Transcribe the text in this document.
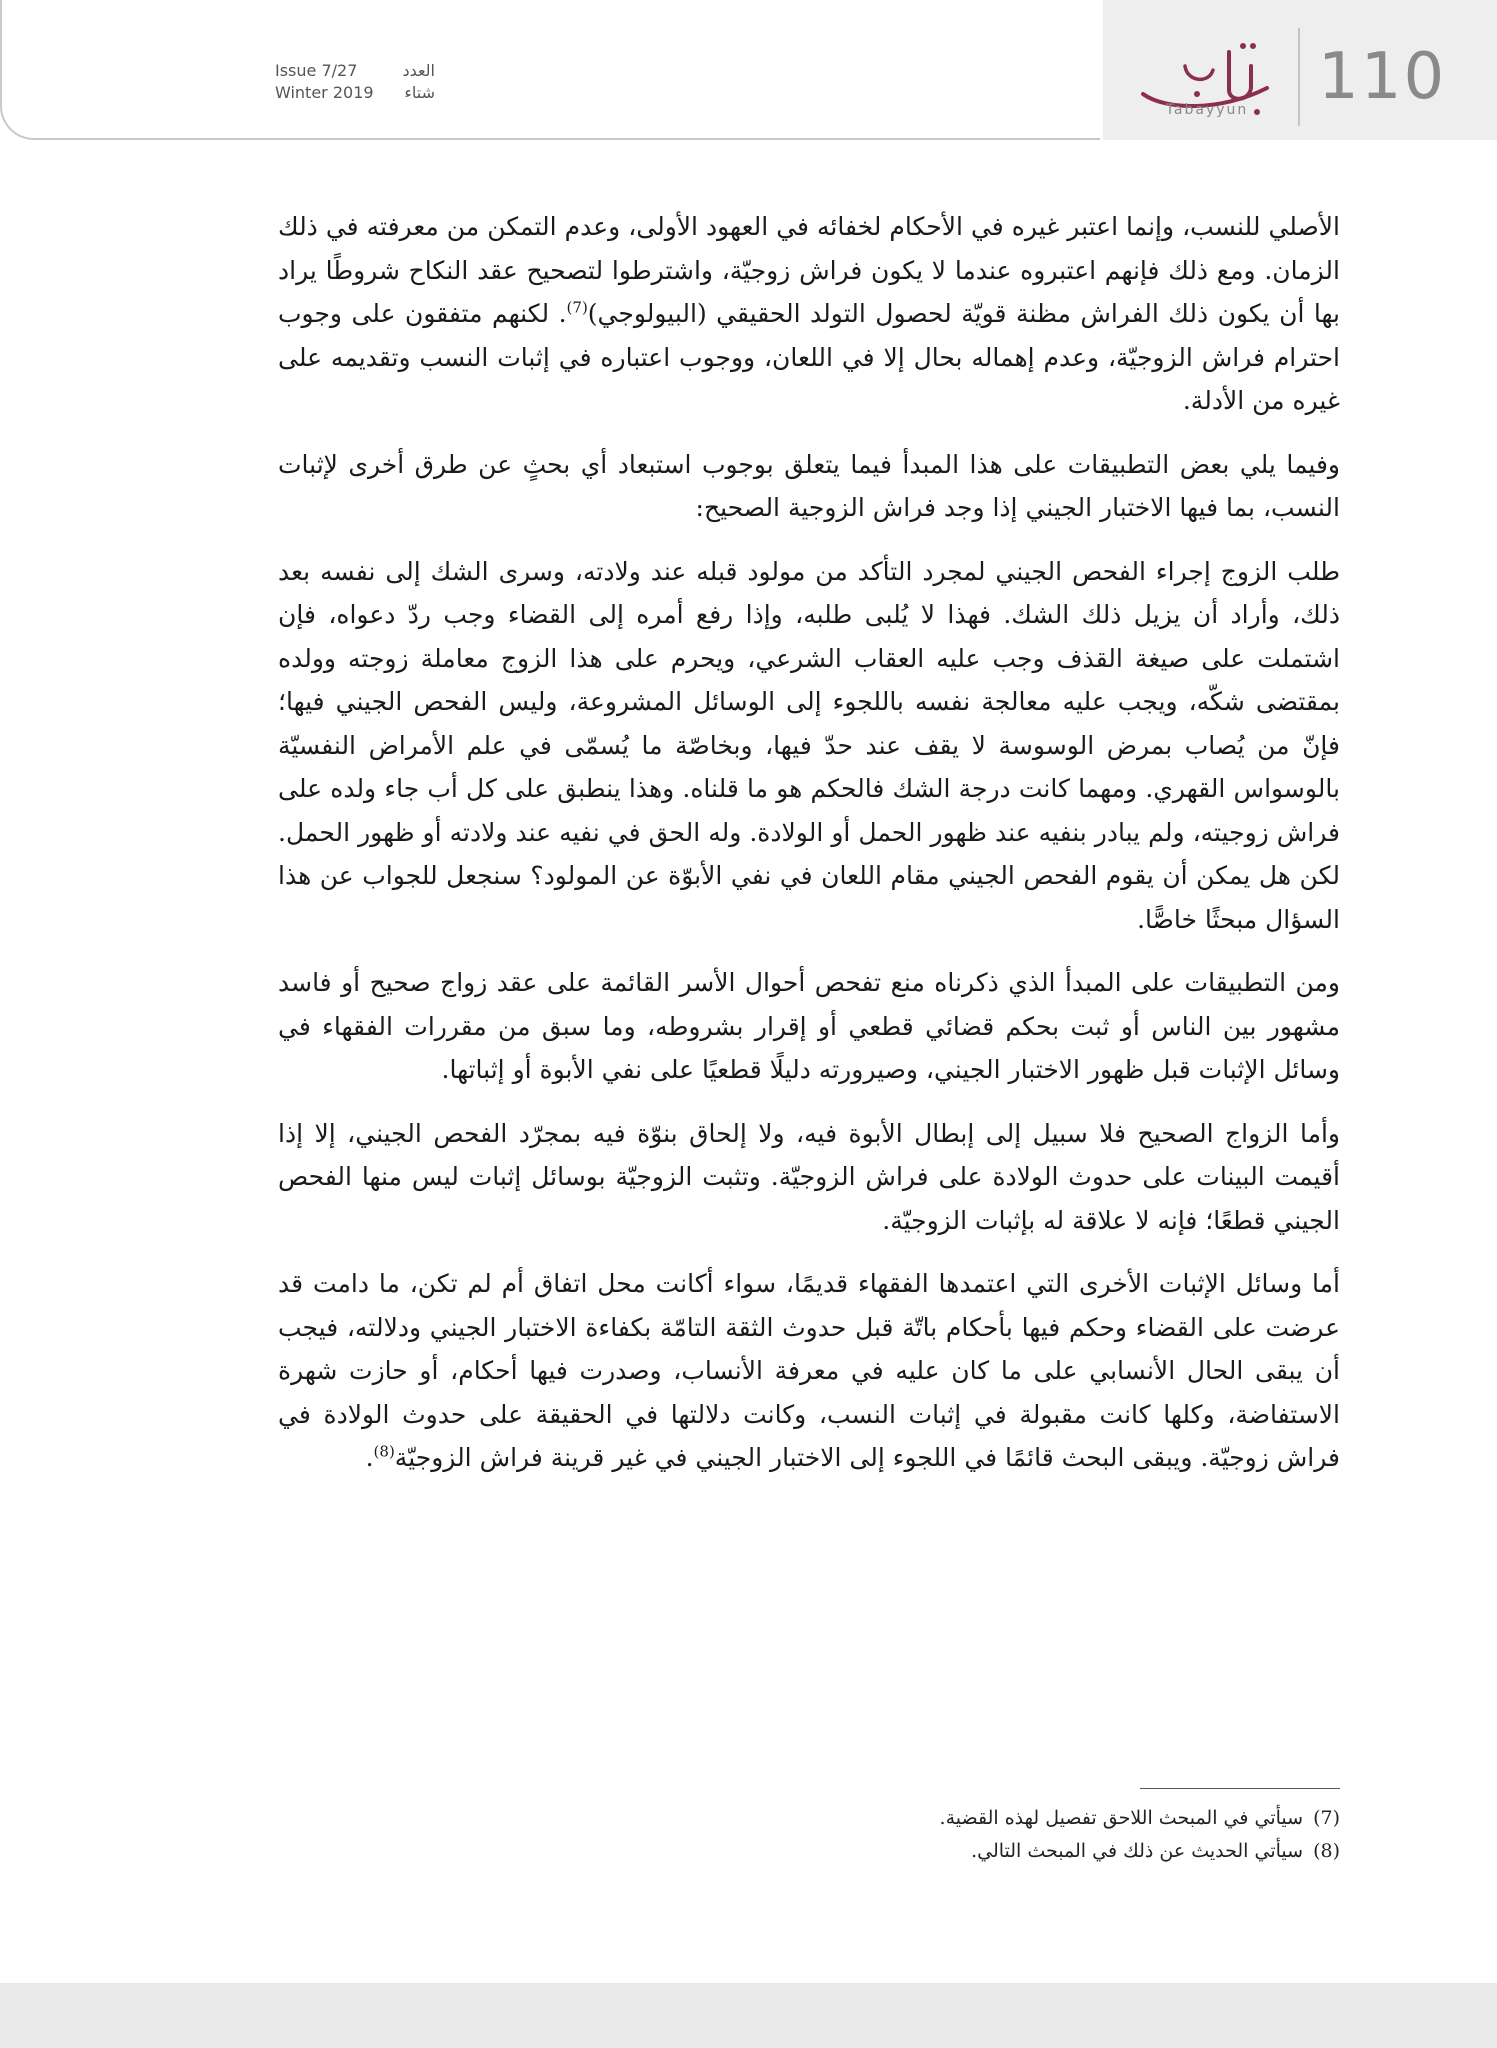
Issue 7/27	العدد
Winter 2019 شتاء
Tabayyun	110

الأصلي للنسب، وإنما اعتبر غيره في الأحكام لخفائه في العهود الأولى، وعدم التمكن من معرفته في ذلك الزمان. ومع ذلك فإنهم اعتبروه عندما لا يكون فراش زوجيّة، واشترطوا لتصحيح عقد النكاح شروطًا يراد بها أن يكون ذلك الفراش مظنة قويّة لحصول التولد الحقيقي (البيولوجي)$^{(7)}$. لكنهم متفقون على وجوب احترام فراش الزوجيّة، وعدم إهماله بحال إلا في اللعان، ووجوب اعتباره في إثبات النسب وتقديمه على غيره من الأدلة.

وفيما يلي بعض التطبيقات على هذا المبدأ فيما يتعلق بوجوب استبعاد أي بحثٍ عن طرق أخرى لإثبات النسب، بما فيها الاختبار الجيني إذا وجد فراش الزوجية الصحيح:

طلب الزوج إجراء الفحص الجيني لمجرد التأكد من مولود قبله عند ولادته، وسرى الشك إلى نفسه بعد ذلك، وأراد أن يزيل ذلك الشك. فهذا لا يُلبى طلبه، وإذا رفع أمره إلى القضاء وجب ردّ دعواه، فإن اشتملت على صيغة القذف وجب عليه العقاب الشرعي، ويحرم على هذا الزوج معاملة زوجته وولده بمقتضى شكّه، ويجب عليه معالجة نفسه باللجوء إلى الوسائل المشروعة، وليس الفحص الجيني فيها؛ فإنّ من يُصاب بمرض الوسوسة لا يقف عند حدّ فيها، وبخاصّة ما يُسمّى في علم الأمراض النفسيّة بالوسواس القهري. ومهما كانت درجة الشك فالحكم هو ما قلناه. وهذا ينطبق على كل أب جاء ولده على فراش زوجيته، ولم يبادر بنفيه عند ظهور الحمل أو الولادة. وله الحق في نفيه عند ولادته أو ظهور الحمل. لكن هل يمكن أن يقوم الفحص الجيني مقام اللعان في نفي الأبوّة عن المولود؟ سنجعل للجواب عن هذا السؤال مبحثًا خاصًّا.

ومن التطبيقات على المبدأ الذي ذكرناه منع تفحص أحوال الأسر القائمة على عقد زواج صحيح أو فاسد مشهور بين الناس أو ثبت بحكم قضائي قطعي أو إقرار بشروطه، وما سبق من مقررات الفقهاء في وسائل الإثبات قبل ظهور الاختبار الجيني، وصيرورته دليلًا قطعيًا على نفي الأبوة أو إثباتها.

وأما الزواج الصحيح فلا سبيل إلى إبطال الأبوة فيه، ولا إلحاق بنوّة فيه بمجرّد الفحص الجيني، إلا إذا أقيمت البينات على حدوث الولادة على فراش الزوجيّة. وتثبت الزوجيّة بوسائل إثبات ليس منها الفحص الجيني قطعًا؛ فإنه لا علاقة له بإثبات الزوجيّة.

أما وسائل الإثبات الأخرى التي اعتمدها الفقهاء قديمًا، سواء أكانت محل اتفاق أم لم تكن، ما دامت قد عرضت على القضاء وحكم فيها بأحكام باتّة قبل حدوث الثقة التامّة بكفاءة الاختبار الجيني ودلالته، فيجب أن يبقى الحال الأنسابي على ما كان عليه في معرفة الأنساب، وصدرت فيها أحكام، أو حازت شهرة الاستفاضة، وكلها كانت مقبولة في إثبات النسب، وكانت دلالتها في الحقيقة على حدوث الولادة في فراش زوجيّة. ويبقى البحث قائمًا في اللجوء إلى الاختبار الجيني في غير قرينة فراش الزوجيّة$^{(8)}$.

(7)سيأتي في المبحث اللاحق تفصيل لهذه القضية.

(8)سيأتي الحديث عن ذلك في المبحث التالي.
